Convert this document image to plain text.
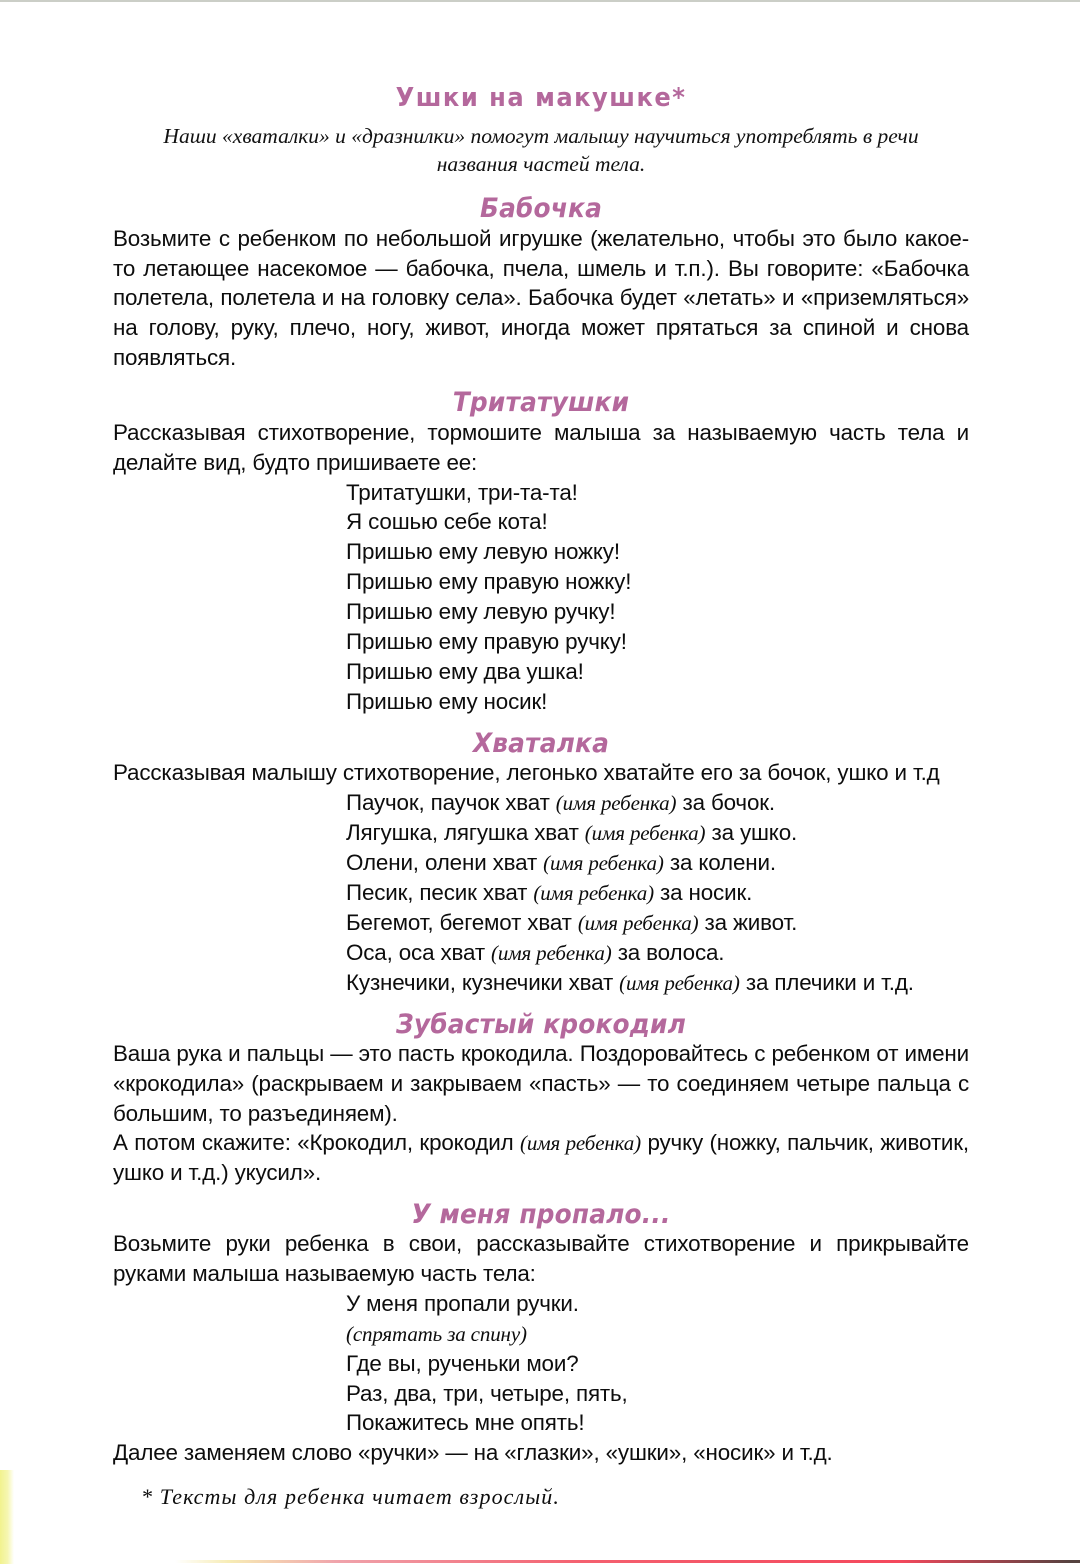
Ушки на макушке*

Наши «хваталки» и «дразнилки» помогут малышу научиться употреблять в речи названия частей тела.

Бабочка

Возьмите с ребенком по небольшой игрушке (желательно, чтобы это было какое-то летающее насекомое — бабочка, пчела, шмель и т.п.). Вы говорите: «Бабочка полетела, полетела и на головку села». Бабочка будет «летать» и «приземляться» на голову, руку, плечо, ногу, живот, иногда может прятаться за спиной и снова появляться.

Тритатушки

Рассказывая стихотворение, тормошите малыша за называемую часть тела и делайте вид, будто пришиваете ее:

Тритатушки, три-та-та!
Я сошью себе кота!
Пришью ему левую ножку!
Пришью ему правую ножку!
Пришью ему левую ручку!
Пришью ему правую ручку!
Пришью ему два ушка!
Пришью ему носик!
Хваталка

Рассказывая малышу стихотворение, легонько хватайте его за бочок, ушко и т.д

Паучок, паучок хват (имя ребенка) за бочок.
Лягушка, лягушка хват (имя ребенка) за ушко.
Олени, олени хват (имя ребенка) за колени.
Песик, песик хват (имя ребенка) за носик.
Бегемот, бегемот хват (имя ребенка) за живот.
Оса, оса хват (имя ребенка) за волоса.
Кузнечики, кузнечики хват (имя ребенка) за плечики и т.д.
Зубастый крокодил

Ваша рука и пальцы — это пасть крокодила. Поздоровайтесь с ребенком от имени «крокодила» (раскрываем и закрываем «пасть» — то соединяем четыре пальца с большим, то разъединяем).

А потом скажите: «Крокодил, крокодил (имя ребенка) ручку (ножку, пальчик, животик, ушко и т.д.) укусил».

У меня пропало...

Возьмите руки ребенка в свои, рассказывайте стихотворение и прикрывайте руками малыша называемую часть тела:

У меня пропали ручки.
(спрятать за спину)
Где вы, рученьки мои?
Раз, два, три, четыре, пять,
Покажитесь мне опять!

Далее заменяем слово «ручки» — на «глазки», «ушки», «носик» и т.д.

* Тексты для ребенка читает взрослый.
